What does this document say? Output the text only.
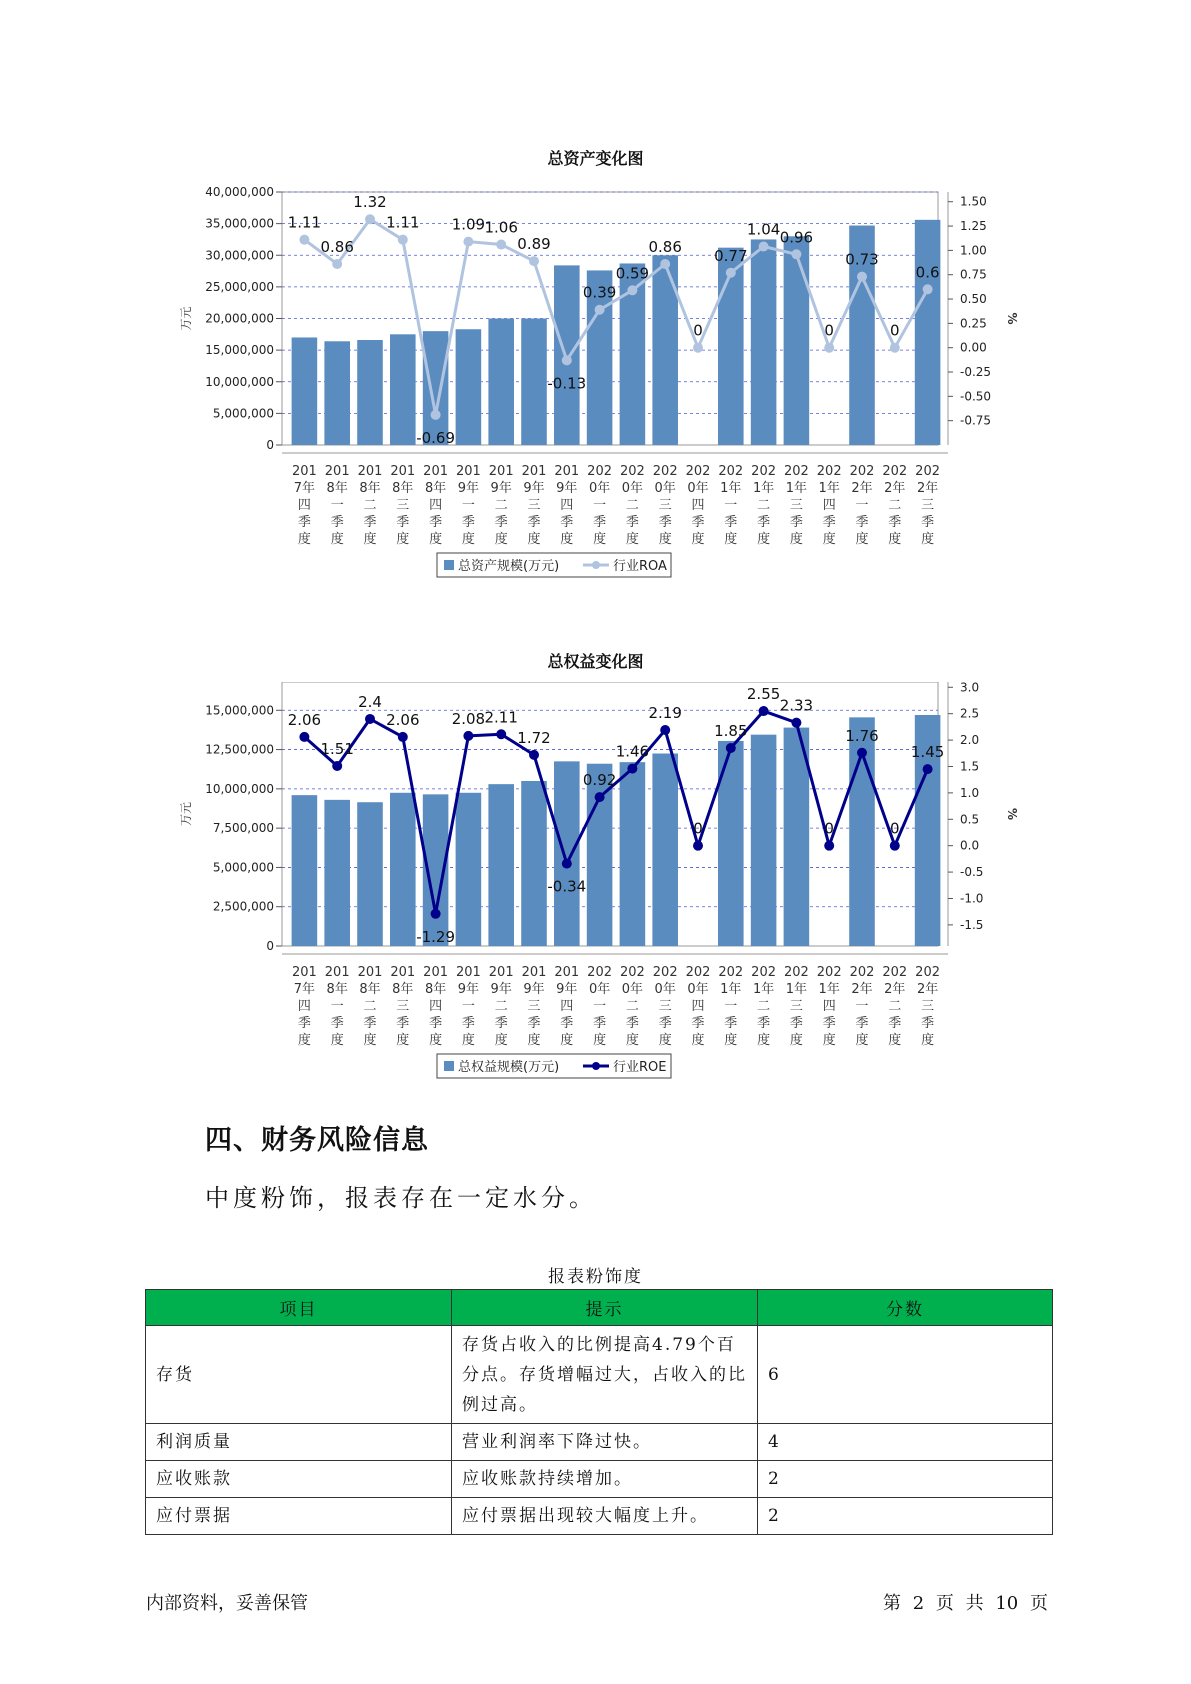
总资产变化图
0
5,000,000
10,000,000
15,000,000
20,000,000
25,000,000
30,000,000
35,000,000
40,000,000
-0.75
-0.50
-0.25
0.00
0.25
0.50
0.75
1.00
1.25
1.50
万元	%
201 7年四季度
201 8年一季度
201 8年二季度
201 8年三季度
201 8年四季度
201 9年一季度
201 9年二季度
201 9年三季度
201 9年四季度
202 0年一季度
202 0年二季度
202 0年三季度
202 0年四季度
202 1年一季度
202 1年二季度
202 1年三季度
202 1年四季度
202 2年一季度
202 2年二季度
202 2年三季度
1.11
0.86
1.32
1.11
-0.69
1.09 1.06
0.89
-0.13
0.39
0.59
0.86
0
0.77
1.04 0.96
0
0.73
0
0.6
总资产规模(万元)	行业ROA
总权益变化图
0
2,500,000
5,000,000
7,500,000
10,000,000
12,500,000
15,000,000
-1.5
-1.0
-0.5
0.0
0.5
1.0
1.5
2.0
2.5
3.0
万元	%
201 7年四季度
201 8年一季度
201 8年二季度
201 8年三季度
201 8年四季度
201 9年一季度
201 9年二季度
201 9年三季度
201 9年四季度
202 0年一季度
202 0年二季度
202 0年三季度
202 0年四季度
202 1年一季度
202 1年二季度
202 1年三季度
202 1年四季度
202 2年一季度
202 2年二季度
202 2年三季度
2.06
1.51
2.4
2.06
-1.29
2.08 2.11
1.72
-0.34
0.92
1.46
2.19
0
1.85
2.55
2.33
0
1.76
0
1.45
总权益规模(万元)	行业ROE
四、财务风险信息
中度粉饰，报表存在一定水分。
报表粉饰度
项目	提示	分数
存货	存货占收入的比例提高4.79个百分点。存货增幅过大，占收入的比例过高。	6
利润质量	营业利润率下降过快。	4
应收账款	应收账款持续增加。	2
应付票据	应付票据出现较大幅度上升。	2
内部资料，妥善保管	第 2 页 共 10 页
